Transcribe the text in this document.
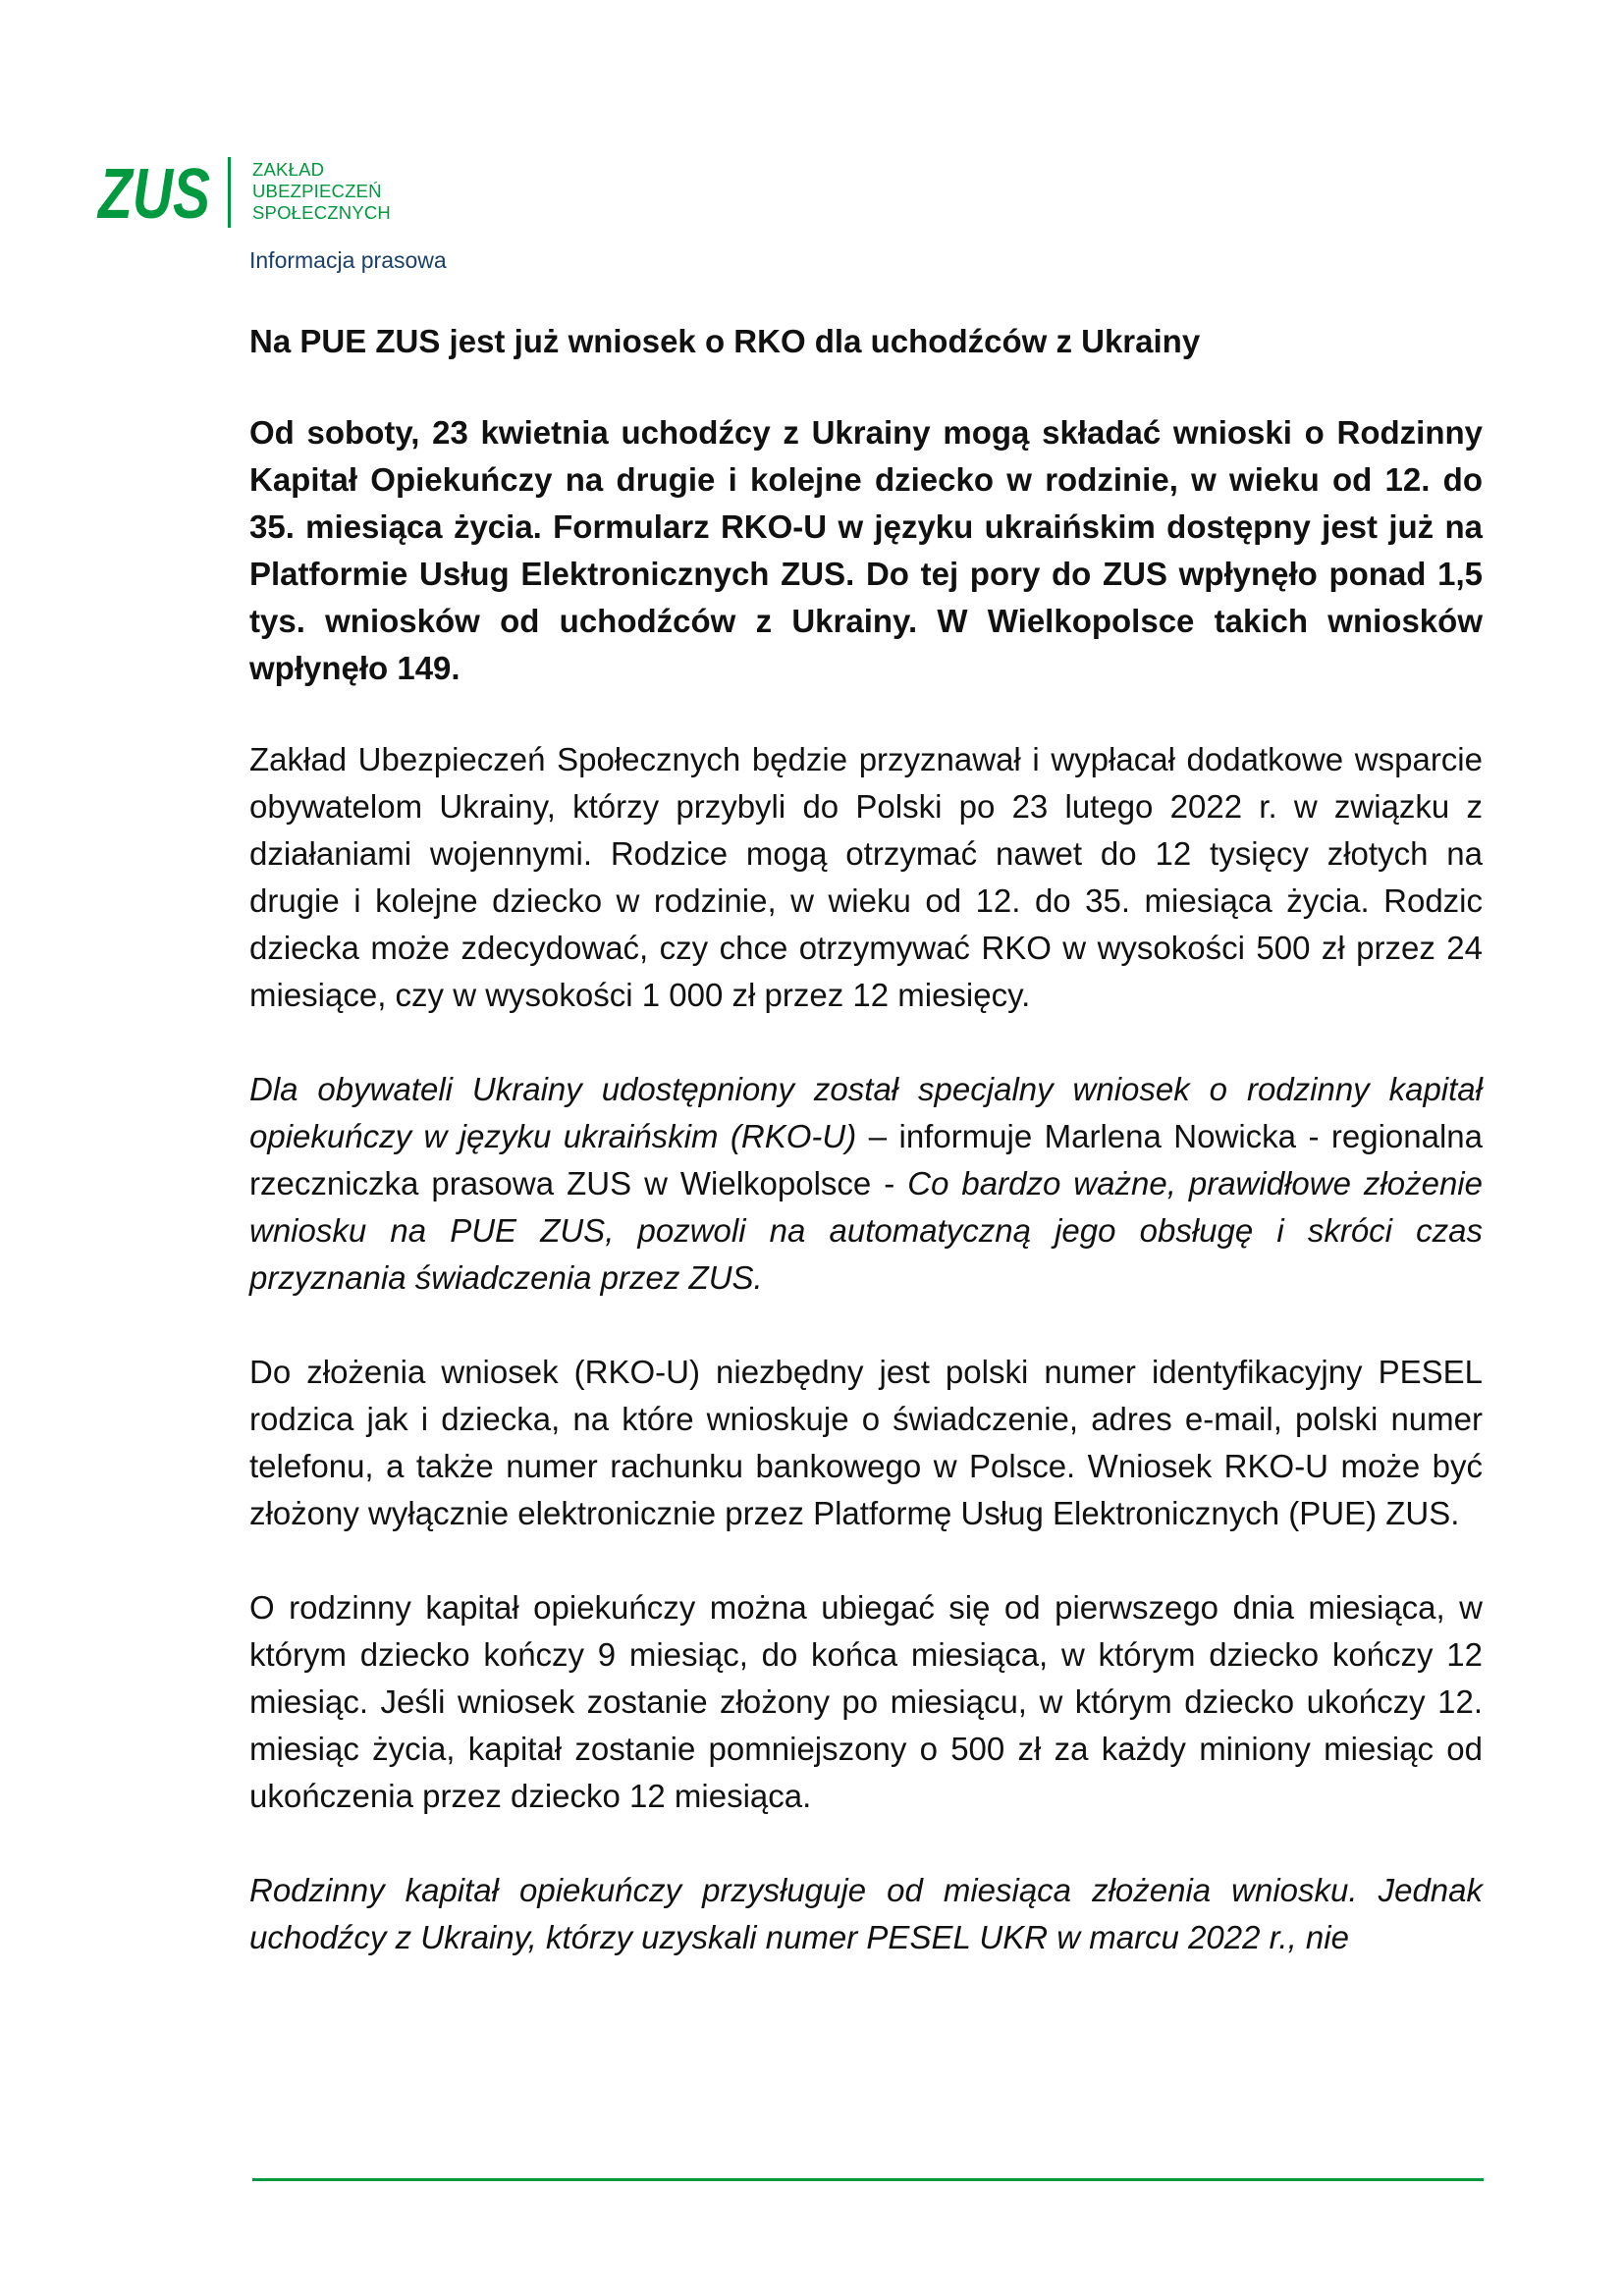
ZUS ZAKŁAD
UBEZPIECZEŃ
SPOŁECZNYCH
Informacja prasowa
Na PUE ZUS jest już wniosek o RKO dla uchodźców z Ukrainy
Od soboty, 23 kwietnia uchodźcy z Ukrainy mogą składać wnioski o Rodzinny Kapitał Opiekuńczy na drugie i kolejne dziecko w rodzinie, w wieku od 12. do 35. miesiąca życia. Formularz RKO-U w języku ukraińskim dostępny jest już na Platformie Usług Elektronicznych ZUS. Do tej pory do ZUS wpłynęło ponad 1,5 tys. wniosków od uchodźców z Ukrainy. W Wielkopolsce takich wniosków wpłynęło 149.
Zakład Ubezpieczeń Społecznych będzie przyznawał i wypłacał dodatkowe wsparcie obywatelom Ukrainy, którzy przybyli do Polski po 23 lutego 2022 r. w związku z działaniami wojennymi. Rodzice mogą otrzymać nawet do 12 tysięcy złotych na drugie i kolejne dziecko w rodzinie, w wieku od 12. do 35. miesiąca życia. Rodzic dziecka może zdecydować, czy chce otrzymywać RKO w wysokości 500 zł przez 24 miesiące, czy w wysokości 1 000 zł przez 12 miesięcy.
Dla obywateli Ukrainy udostępniony został specjalny wniosek o rodzinny kapitał opiekuńczy w języku ukraińskim (RKO-U) – informuje Marlena Nowicka - regionalna rzeczniczka prasowa ZUS w Wielkopolsce - Co bardzo ważne, prawidłowe złożenie wniosku na PUE ZUS, pozwoli na automatyczną jego obsługę i skróci czas przyznania świadczenia przez ZUS.
Do złożenia wniosek (RKO-U) niezbędny jest polski numer identyfikacyjny PESEL rodzica jak i dziecka, na które wnioskuje o świadczenie, adres e-mail, polski numer telefonu, a także numer rachunku bankowego w Polsce. Wniosek RKO-U może być złożony wyłącznie elektronicznie przez Platformę Usług Elektronicznych (PUE) ZUS.
O rodzinny kapitał opiekuńczy można ubiegać się od pierwszego dnia miesiąca, w którym dziecko kończy 9 miesiąc, do końca miesiąca, w którym dziecko kończy 12 miesiąc. Jeśli wniosek zostanie złożony po miesiącu, w którym dziecko ukończy 12. miesiąc życia, kapitał zostanie pomniejszony o 500 zł za każdy miniony miesiąc od ukończenia przez dziecko 12 miesiąca.
Rodzinny kapitał opiekuńczy przysługuje od miesiąca złożenia wniosku. Jednak uchodźcy z Ukrainy, którzy uzyskali numer PESEL UKR w marcu 2022 r., nie
